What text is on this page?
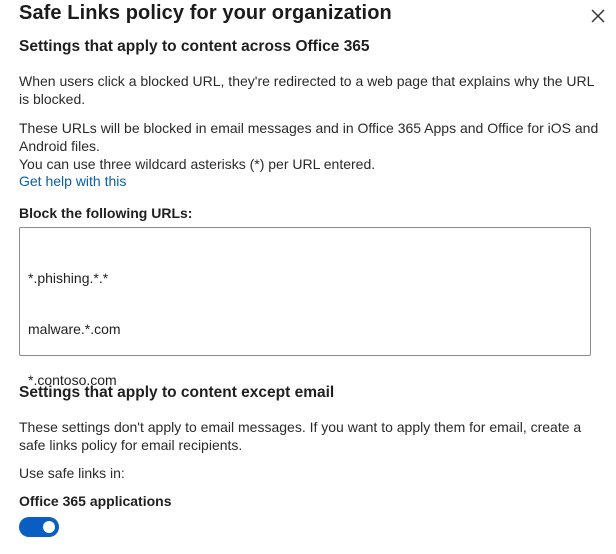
Safe Links policy for your organization
Settings that apply to content across Office 365
When users click a blocked URL, they're redirected to a web page that explains why the URL is blocked.
These URLs will be blocked in email messages and in Office 365 Apps and Office for iOS and Android files.
You can use three wildcard asterisks (*) per URL entered.
Get help with this
Block the following URLs:

*.phishing.*.*

malware.*.com

*.contoso.com

Settings that apply to content except email
These settings don't apply to email messages. If you want to apply them for email, create a safe links policy for email recipients.
Use safe links in:
Office 365 applications
